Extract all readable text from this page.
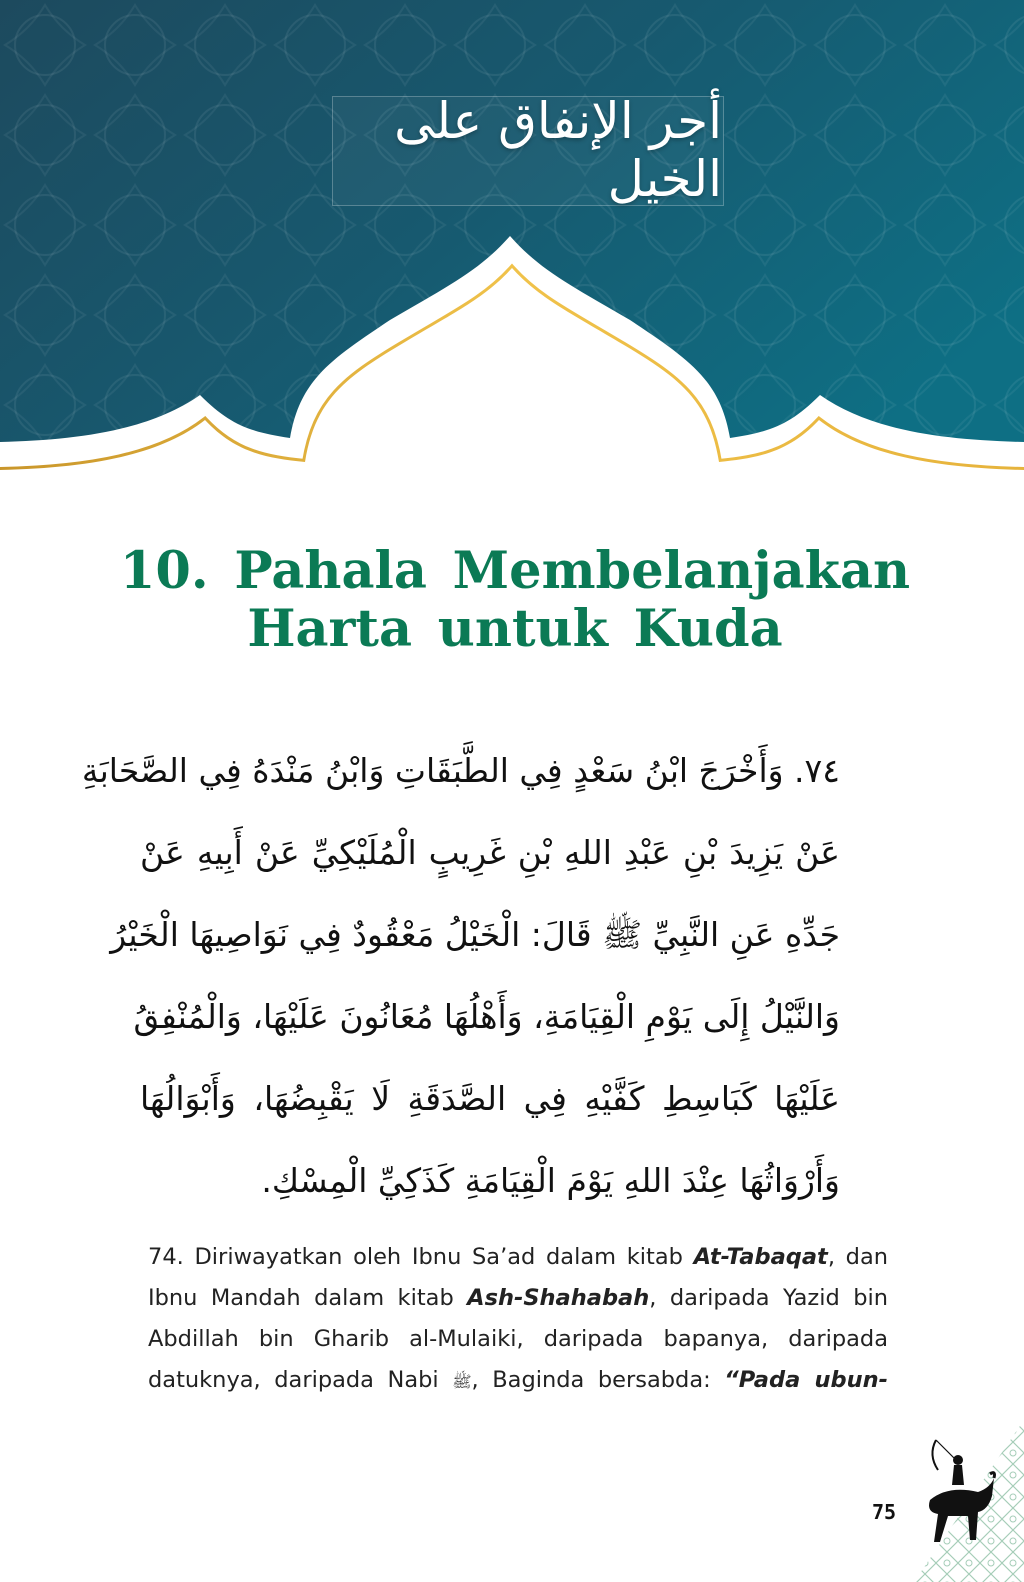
أجر الإنفاق على الخيل
10. Pahala Membelanjakan
Harta untuk Kuda
٧٤. وَأَخْرَجَ ابْنُ سَعْدٍ فِي الطَّبَقَاتِ وَابْنُ مَنْدَهُ فِي الصَّحَابَةِ
عَنْ يَزِيدَ بْنِ عَبْدِ اللهِ بْنِ غَرِيبٍ الْمُلَيْكِيِّ عَنْ أَبِيهِ عَنْ
جَدِّهِ عَنِ النَّبِيِّ ﷺ قَالَ: الْخَيْلُ مَعْقُودٌ فِي نَوَاصِيهَا الْخَيْرُ
وَالنَّيْلُ إِلَى يَوْمِ الْقِيَامَةِ، وَأَهْلُهَا مُعَانُونَ عَلَيْهَا، وَالْمُنْفِقُ
عَلَيْهَا كَبَاسِطِ كَفَّيْهِ فِي الصَّدَقَةِ لَا يَقْبِضُهَا، وَأَبْوَالُهَا
وَأَرْوَاثُهَا عِنْدَ اللهِ يَوْمَ الْقِيَامَةِ كَذَكِيِّ الْمِسْكِ.
74. Diriwayatkan oleh Ibnu Sa’ad dalam kitab At-Tabaqat, dan
Ibnu Mandah dalam kitab Ash-Shahabah, daripada Yazid bin
Abdillah bin Gharib al-Mulaiki, daripada bapanya, daripada
datuknya, daripada Nabi ﷺ, Baginda bersabda: “Pada ubun-
75
